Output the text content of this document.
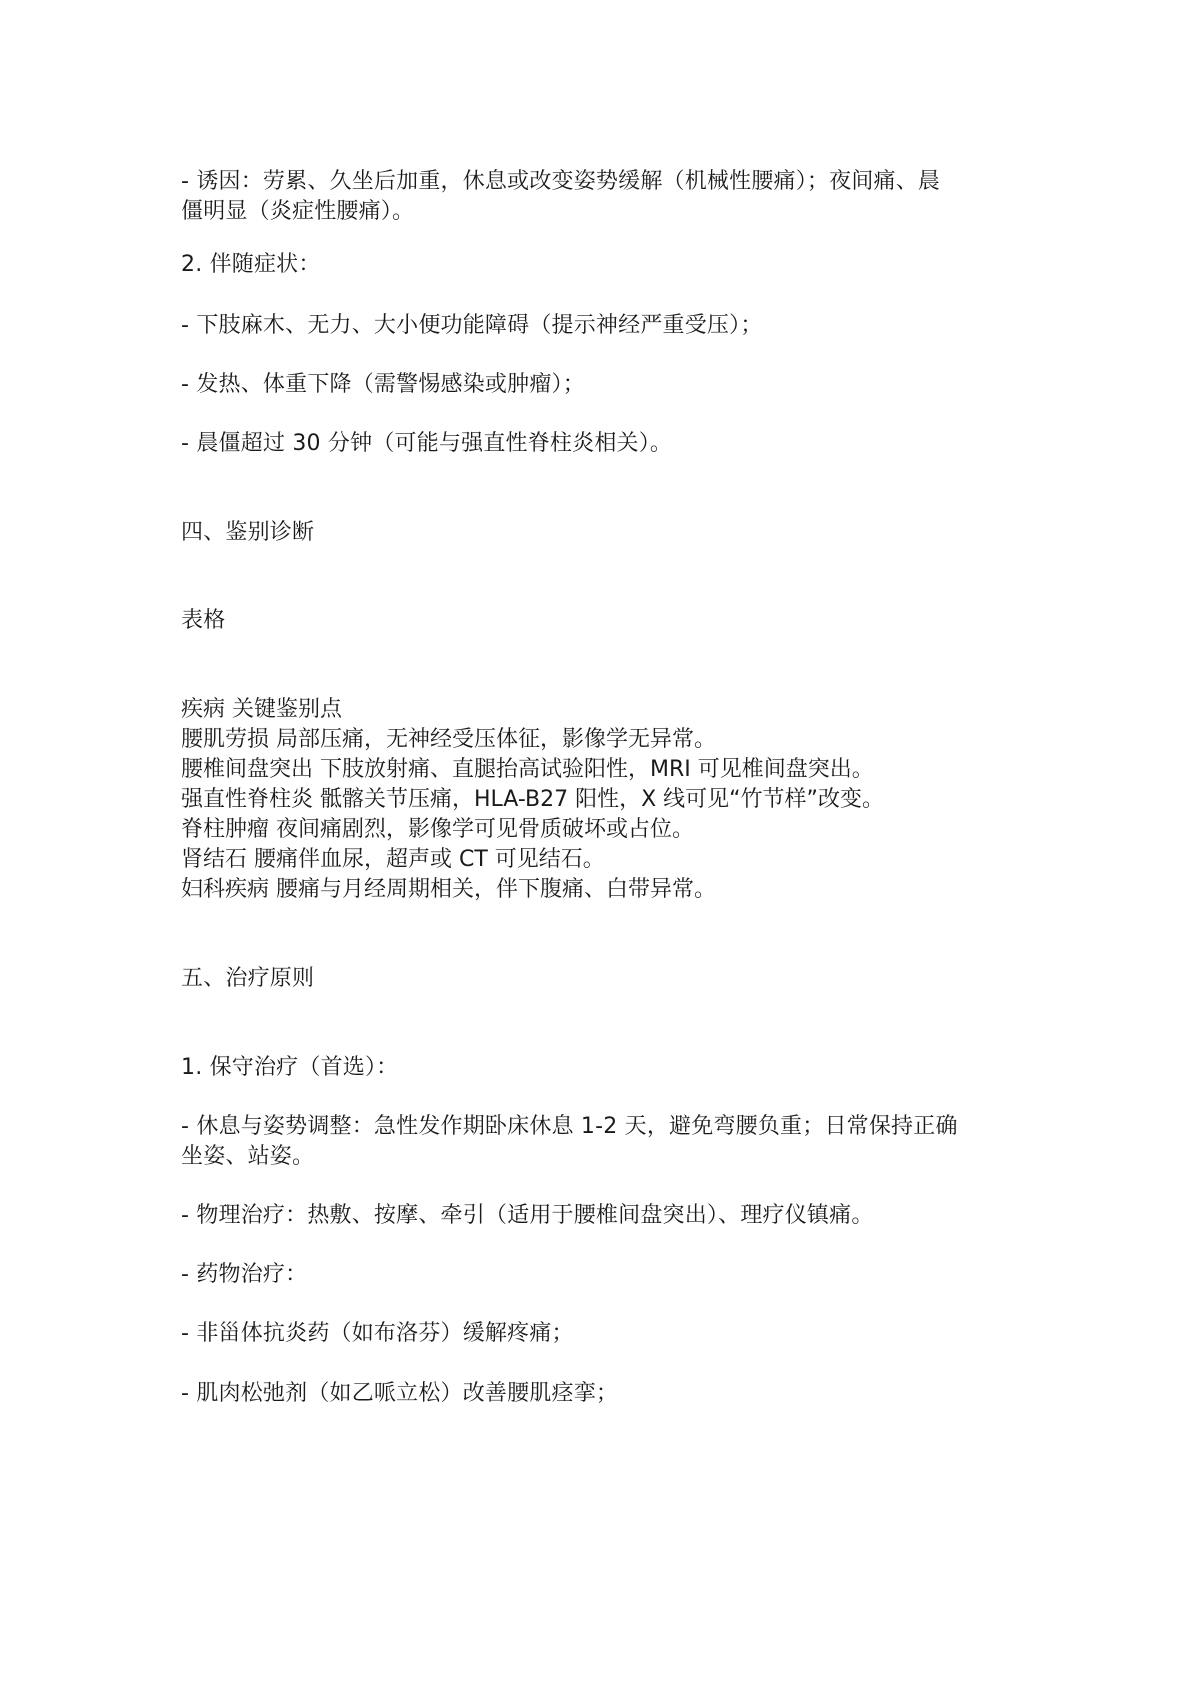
- 诱因：劳累、久坐后加重，休息或改变姿势缓解（机械性腰痛）；夜间痛、晨
僵明显（炎症性腰痛）。
2. 伴随症状：
- 下肢麻木、无力、大小便功能障碍（提示神经严重受压）；
- 发热、体重下降（需警惕感染或肿瘤）；
- 晨僵超过 30 分钟（可能与强直性脊柱炎相关）。
四、鉴别诊断
表格
疾病 关键鉴别点
腰肌劳损 局部压痛，无神经受压体征，影像学无异常。
腰椎间盘突出 下肢放射痛、直腿抬高试验阳性，MRI 可见椎间盘突出。
强直性脊柱炎 骶髂关节压痛，HLA-B27 阳性，X 线可见“竹节样”改变。
脊柱肿瘤 夜间痛剧烈，影像学可见骨质破坏或占位。
肾结石 腰痛伴血尿，超声或 CT 可见结石。
妇科疾病 腰痛与月经周期相关，伴下腹痛、白带异常。
五、治疗原则
1. 保守治疗（首选）：
- 休息与姿势调整：急性发作期卧床休息 1-2 天，避免弯腰负重；日常保持正确
坐姿、站姿。
- 物理治疗：热敷、按摩、牵引（适用于腰椎间盘突出）、理疗仪镇痛。
- 药物治疗：
- 非甾体抗炎药（如布洛芬）缓解疼痛；
- 肌肉松弛剂（如乙哌立松）改善腰肌痉挛；
